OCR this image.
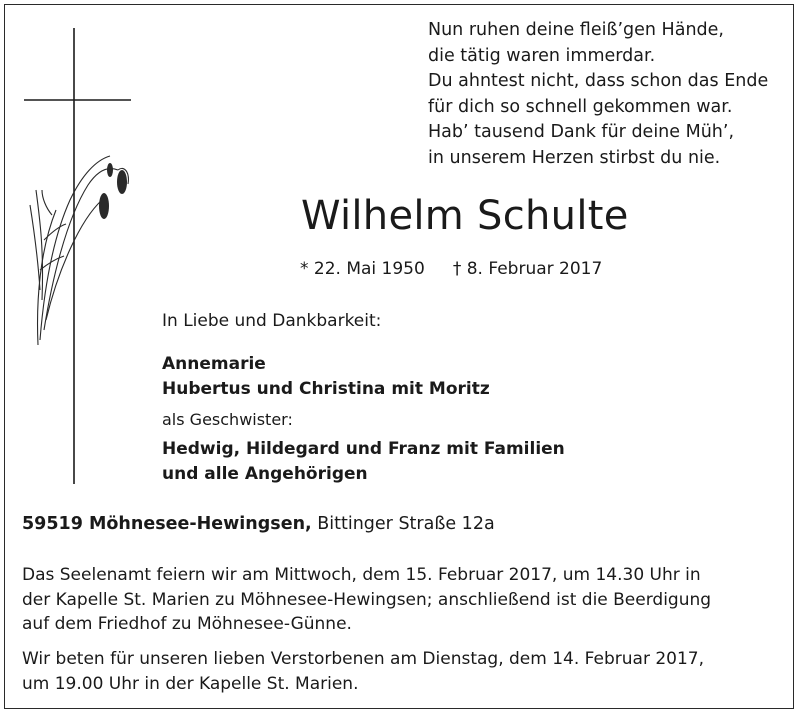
Nun ruhen deine fleiß’gen Hände,
die tätig waren immerdar.
Du ahntest nicht, dass schon das Ende
für dich so schnell gekommen war.
Hab’ tausend Dank für deine Müh’,
in unserem Herzen stirbst du nie.
Wilhelm Schulte
* 22. Mai 1950 † 8. Februar 2017
In Liebe und Dankbarkeit:
Annemarie
Hubertus und Christina mit Moritz
als Geschwister:
Hedwig, Hildegard und Franz mit Familien
und alle Angehörigen
59519 Möhnesee-Hewingsen, Bittinger Straße 12a
Das Seelenamt feiern wir am Mittwoch, dem 15. Februar 2017, um 14.30 Uhr in
der Kapelle St. Marien zu Möhnesee-Hewingsen; anschließend ist die Beerdigung
auf dem Friedhof zu Möhnesee-Günne.
Wir beten für unseren lieben Verstorbenen am Dienstag, dem 14. Februar 2017,
um 19.00 Uhr in der Kapelle St. Marien.
